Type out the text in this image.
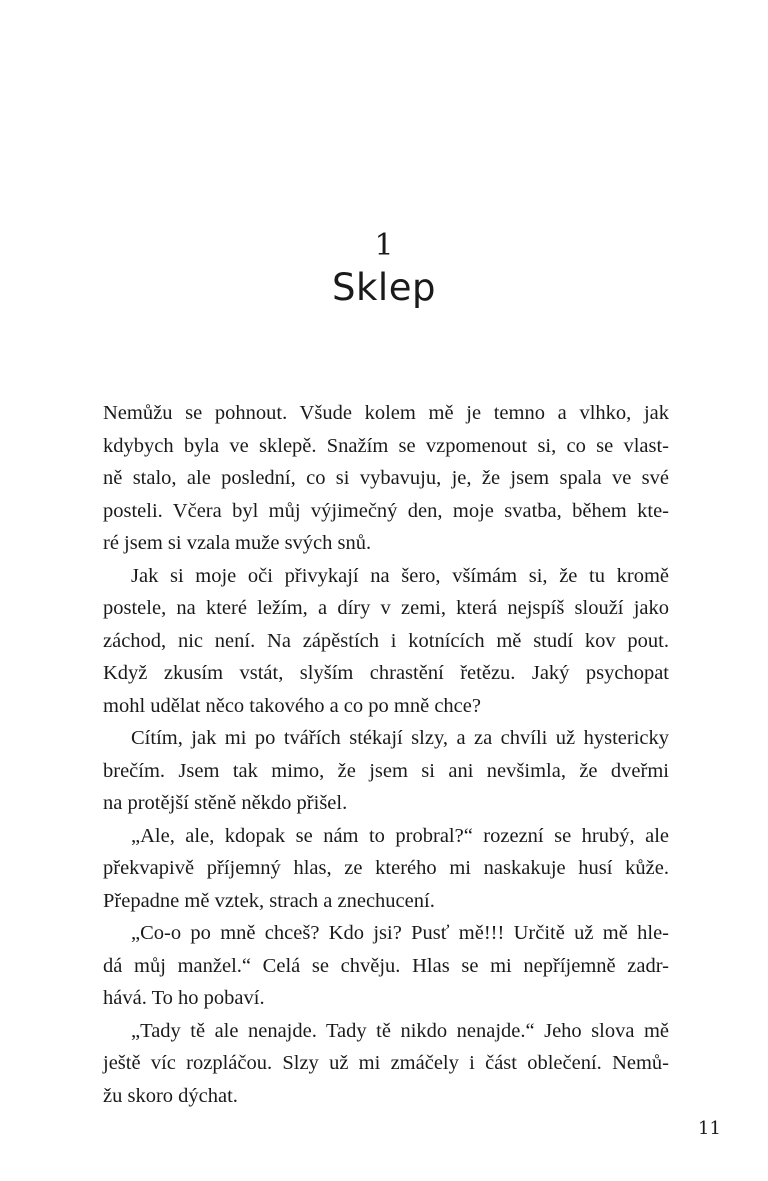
1
Sklep
Nemůžu se pohnout. Všude kolem mě je temno a vlhko, jak
kdybych byla ve sklepě. Snažím se vzpomenout si, co se vlast-
ně stalo, ale poslední, co si vybavuju, je, že jsem spala ve své
posteli. Včera byl můj výjimečný den, moje svatba, během kte-
ré jsem si vzala muže svých snů.
Jak si moje oči přivykají na šero, všímám si, že tu kromě
postele, na které ležím, a díry v zemi, která nejspíš slouží jako
záchod, nic není. Na zápěstích i kotnících mě studí kov pout.
Když zkusím vstát, slyším chrastění řetězu. Jaký psychopat
mohl udělat něco takového a co po mně chce?
Cítím, jak mi po tvářích stékají slzy, a za chvíli už hystericky
brečím. Jsem tak mimo, že jsem si ani nevšimla, že dveřmi
na protější stěně někdo přišel.
„Ale, ale, kdopak se nám to probral?“ rozezní se hrubý, ale
překvapivě příjemný hlas, ze kterého mi naskakuje husí kůže.
Přepadne mě vztek, strach a znechucení.
„Co-o po mně chceš? Kdo jsi? Pusť mě!!! Určitě už mě hle-
dá můj manžel.“ Celá se chvěju. Hlas se mi nepříjemně zadr-
hává. To ho pobaví.
„Tady tě ale nenajde. Tady tě nikdo nenajde.“ Jeho slova mě
ještě víc rozpláčou. Slzy už mi zmáčely i část oblečení. Nemů-
žu skoro dýchat.
11
